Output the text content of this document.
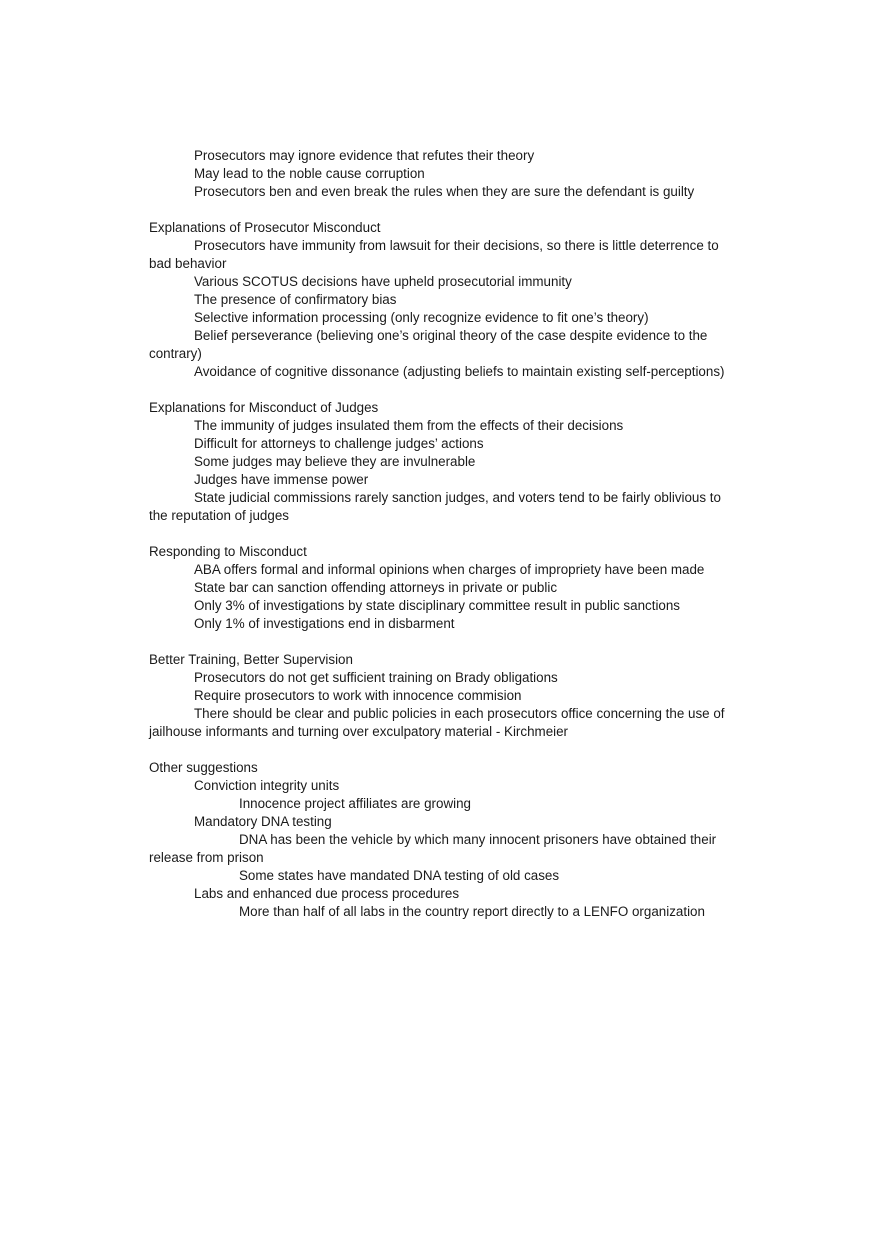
Prosecutors may ignore evidence that refutes their theory

May lead to the noble cause corruption

Prosecutors ben and even break the rules when they are sure the defendant is guilty

Explanations of Prosecutor Misconduct

Prosecutors have immunity from lawsuit for their decisions, so there is little deterrence to bad behavior

Various SCOTUS decisions have upheld prosecutorial immunity

The presence of confirmatory bias

Selective information processing (only recognize evidence to fit one’s theory)

Belief perseverance (believing one’s original theory of the case despite evidence to the contrary)

Avoidance of cognitive dissonance (adjusting beliefs to maintain existing self-perceptions)

Explanations for Misconduct of Judges

The immunity of judges insulated them from the effects of their decisions

Difficult for attorneys to challenge judges’ actions

Some judges may believe they are invulnerable

Judges have immense power

State judicial commissions rarely sanction judges, and voters tend to be fairly oblivious to the reputation of judges

Responding to Misconduct

ABA offers formal and informal opinions when charges of impropriety have been made

State bar can sanction offending attorneys in private or public

Only 3% of investigations by state disciplinary committee result in public sanctions

Only 1% of investigations end in disbarment

Better Training, Better Supervision

Prosecutors do not get sufficient training on Brady obligations

Require prosecutors to work with innocence commision

There should be clear and public policies in each prosecutors office concerning the use of jailhouse informants and turning over exculpatory material - Kirchmeier

Other suggestions

Conviction integrity units

Innocence project affiliates are growing

Mandatory DNA testing

DNA has been the vehicle by which many innocent prisoners have obtained their release from prison

Some states have mandated DNA testing of old cases

Labs and enhanced due process procedures

More than half of all labs in the country report directly to a LENFO organization
